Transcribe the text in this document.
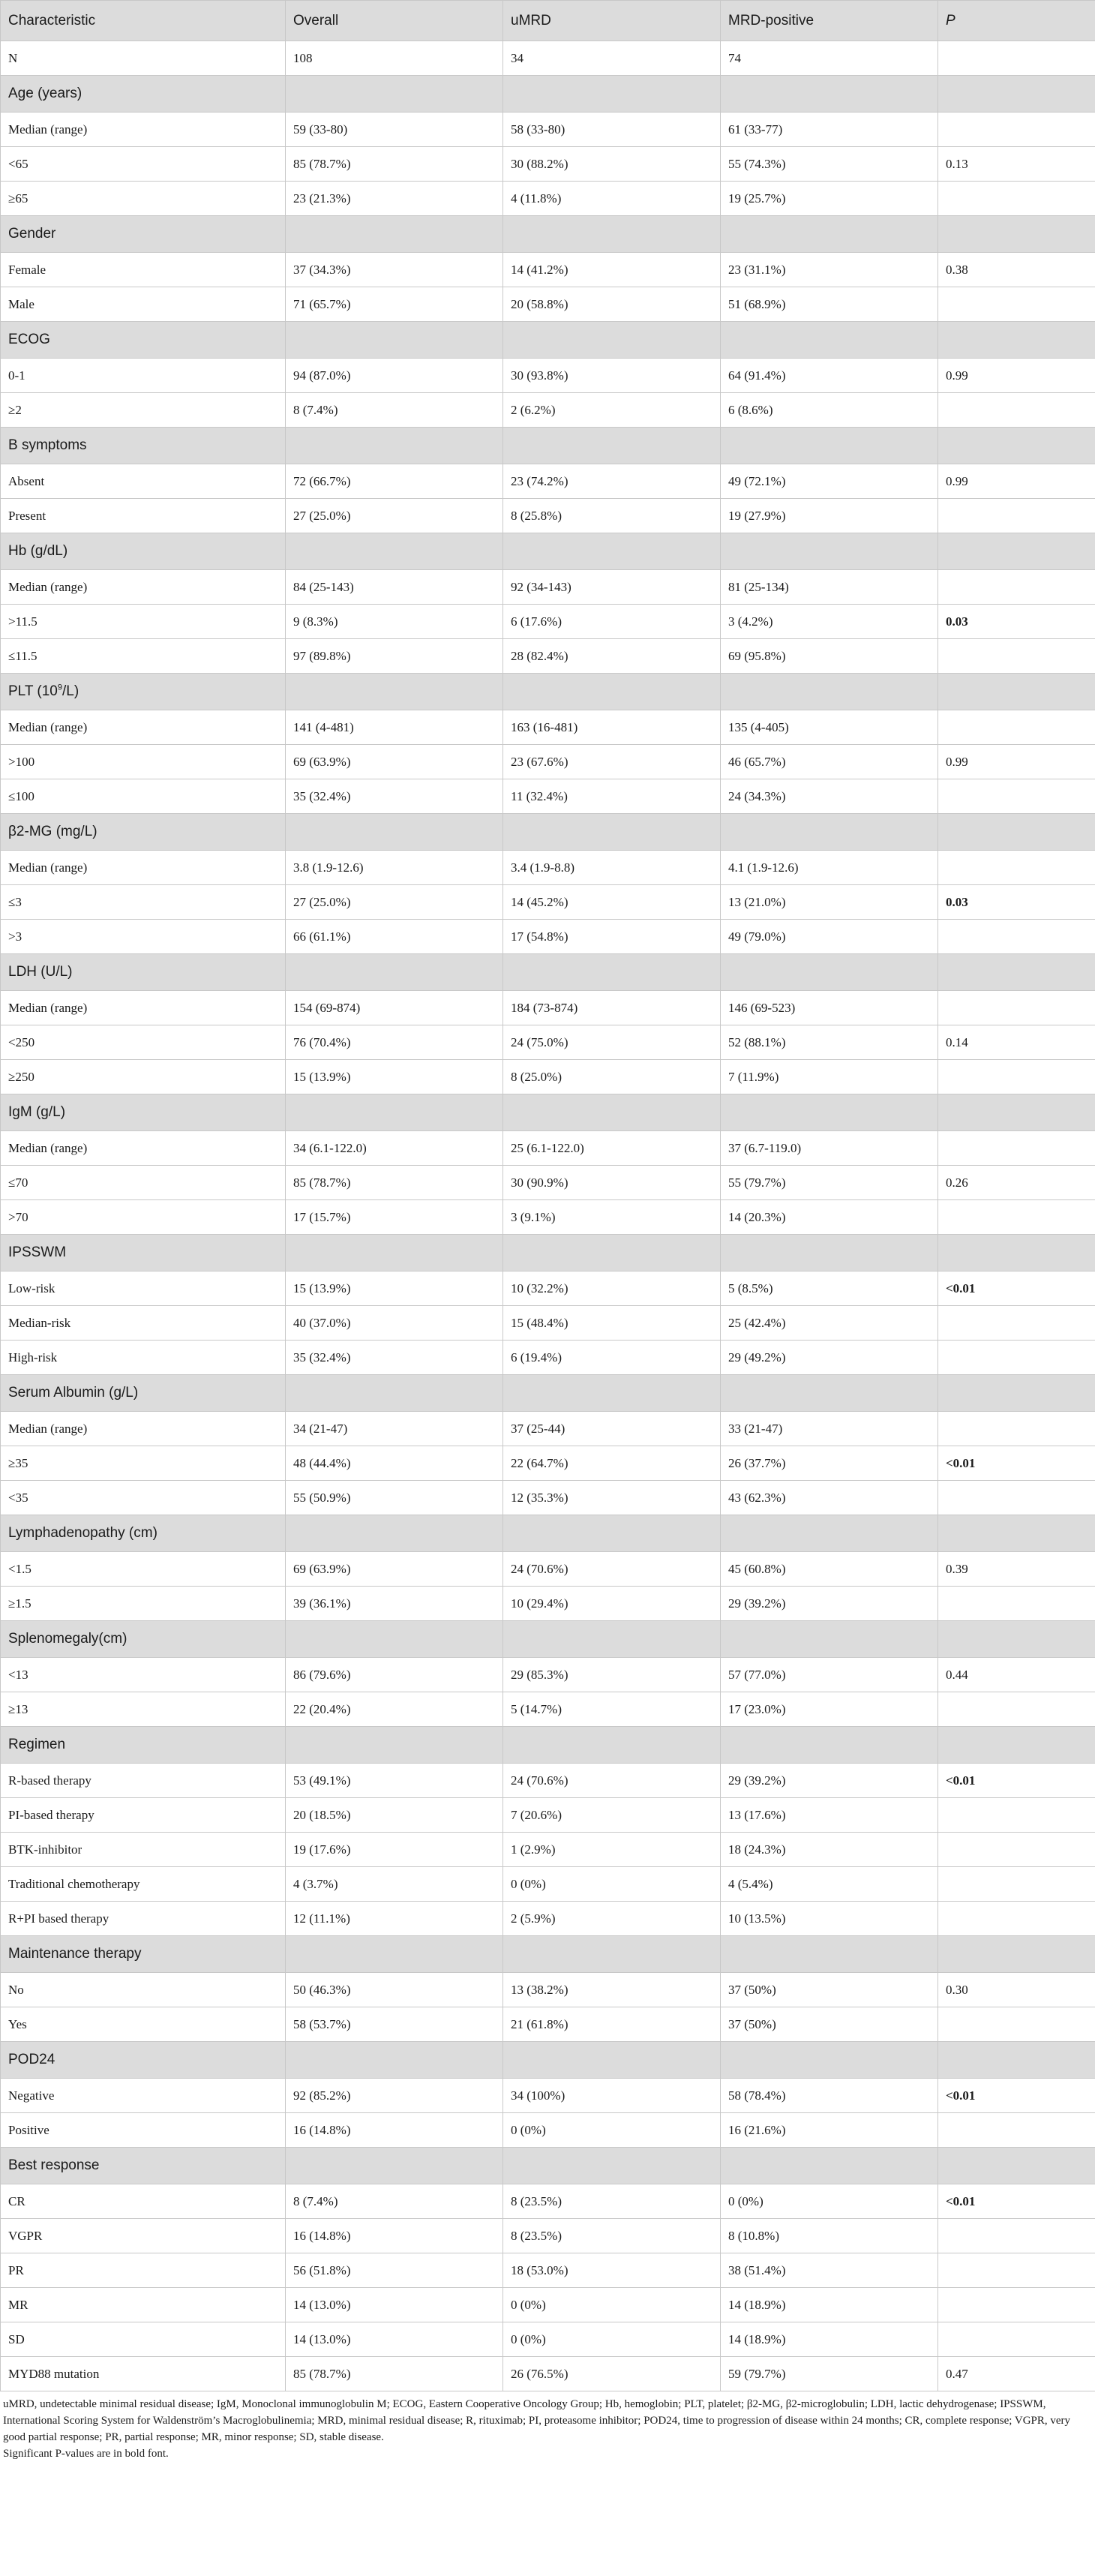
Characteristic	Overall	uMRD	MRD-positive	P
N	108	34	74	
Age (years)				
Median (range)	59 (33-80)	58 (33-80)	61 (33-77)	
<65	85 (78.7%)	30 (88.2%)	55 (74.3%)	0.13
≥65	23 (21.3%)	4 (11.8%)	19 (25.7%)	
Gender				
Female	37 (34.3%)	14 (41.2%)	23 (31.1%)	0.38
Male	71 (65.7%)	20 (58.8%)	51 (68.9%)	
ECOG				
0-1	94 (87.0%)	30 (93.8%)	64 (91.4%)	0.99
≥2	8 (7.4%)	2 (6.2%)	6 (8.6%)	
B symptoms				
Absent	72 (66.7%)	23 (74.2%)	49 (72.1%)	0.99
Present	27 (25.0%)	8 (25.8%)	19 (27.9%)	
Hb (g/dL)				
Median (range)	84 (25-143)	92 (34-143)	81 (25-134)	
>11.5	9 (8.3%)	6 (17.6%)	3 (4.2%)	0.03
≤11.5	97 (89.8%)	28 (82.4%)	69 (95.8%)	
PLT $(10^9/L)$				
Median (range)	141 (4-481)	163 (16-481)	135 (4-405)	
>100	69 (63.9%)	23 (67.6%)	46 (65.7%)	0.99
≤100	35 (32.4%)	11 (32.4%)	24 (34.3%)	
β2-MG (mg/L)				
Median (range)	3.8 (1.9-12.6)	3.4 (1.9-8.8)	4.1 (1.9-12.6)	
≤3	27 (25.0%)	14 (45.2%)	13 (21.0%)	0.03
>3	66 (61.1%)	17 (54.8%)	49 (79.0%)	
LDH (U/L)				
Median (range)	154 (69-874)	184 (73-874)	146 (69-523)	
<250	76 (70.4%)	24 (75.0%)	52 (88.1%)	0.14
≥250	15 (13.9%)	8 (25.0%)	7 (11.9%)	
IgM (g/L)				
Median (range)	34 (6.1-122.0)	25 (6.1-122.0)	37 (6.7-119.0)	
≤70	85 (78.7%)	30 (90.9%)	55 (79.7%)	0.26
>70	17 (15.7%)	3 (9.1%)	14 (20.3%)	
IPSSWM				
Low-risk	15 (13.9%)	10 (32.2%)	5 (8.5%)	<0.01
Median-risk	40 (37.0%)	15 (48.4%)	25 (42.4%)	
High-risk	35 (32.4%)	6 (19.4%)	29 (49.2%)	
Serum Albumin (g/L)				
Median (range)	34 (21-47)	37 (25-44)	33 (21-47)	
≥35	48 (44.4%)	22 (64.7%)	26 (37.7%)	<0.01
<35	55 (50.9%)	12 (35.3%)	43 (62.3%)	
Lymphadenopathy (cm)				
<1.5	69 (63.9%)	24 (70.6%)	45 (60.8%)	0.39
≥1.5	39 (36.1%)	10 (29.4%)	29 (39.2%)	
Splenomegaly(cm)				
<13	86 (79.6%)	29 (85.3%)	57 (77.0%)	0.44
≥13	22 (20.4%)	5 (14.7%)	17 (23.0%)	
Regimen				
R-based therapy	53 (49.1%)	24 (70.6%)	29 (39.2%)	<0.01
PI-based therapy	20 (18.5%)	7 (20.6%)	13 (17.6%)	
BTK-inhibitor	19 (17.6%)	1 (2.9%)	18 (24.3%)	
Traditional chemotherapy	4 (3.7%)	0 (0%)	4 (5.4%)	
R+PI based therapy	12 (11.1%)	2 (5.9%)	10 (13.5%)	
Maintenance therapy				
No	50 (46.3%)	13 (38.2%)	37 (50%)	0.30
Yes	58 (53.7%)	21 (61.8%)	37 (50%)	
POD24				
Negative	92 (85.2%)	34 (100%)	58 (78.4%)	<0.01
Positive	16 (14.8%)	0 (0%)	16 (21.6%)	
Best response				
CR	8 (7.4%)	8 (23.5%)	0 (0%)	<0.01
VGPR	16 (14.8%)	8 (23.5%)	8 (10.8%)	
PR	56 (51.8%)	18 (53.0%)	38 (51.4%)	
MR	14 (13.0%)	0 (0%)	14 (18.9%)	
SD	14 (13.0%)	0 (0%)	14 (18.9%)	
MYD88 mutation	85 (78.7%)	26 (76.5%)	59 (79.7%)	0.47

uMRD, undetectable minimal residual disease; IgM, Monoclonal immunoglobulin M; ECOG, Eastern Cooperative Oncology Group; Hb, hemoglobin; PLT, platelet; β2-MG, β2-microglobulin; LDH, lactic dehydrogenase; IPSSWM, International Scoring System for Waldenström’s Macroglobulinemia; MRD, minimal residual disease; R, rituximab; PI, proteasome inhibitor; POD24, time to progression of disease within 24 months; CR, complete response; VGPR, very good partial response; PR, partial response; MR, minor response; SD, stable disease.

Significant P-values are in bold font.
